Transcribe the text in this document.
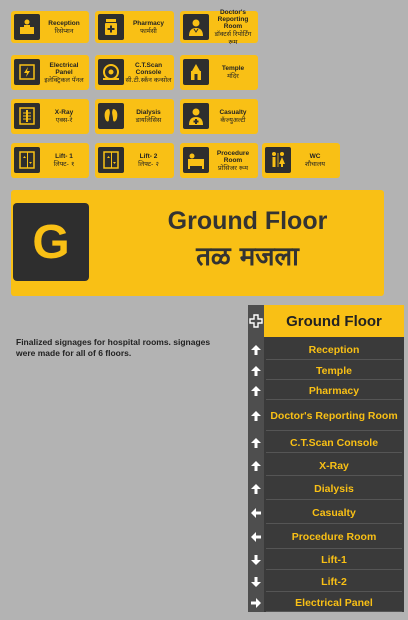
Reception
रिसेप्शन
Pharmacy
फार्मसी
Doctor's Reporting Room
डॉक्टर्स रिपोर्टिंग रूम
Electrical Panel
इलेक्ट्रिकल पॅनल
C.T.Scan Console
सी.टी.स्कॅन कन्सोल
Temple
मंदिर
X-Ray
एक्स-रे
Dialysis
डायलिसिस
Casualty
कॅज्युअल्टी
Lift- 1
लिफ्ट- १
Lift- 2
लिफ्ट- २
Procedure Room
प्रोसिजर रूम
WC
शौचालय
G	Ground Floor
तळ मजला
Finalized signages for hospital rooms. signages were made for all of 6 floors.
Ground Floor
Reception
Temple
Pharmacy
Doctor's Reporting Room
C.T.Scan Console
X-Ray
Dialysis
Casualty
Procedure Room
Lift-1
Lift-2
Electrical Panel
